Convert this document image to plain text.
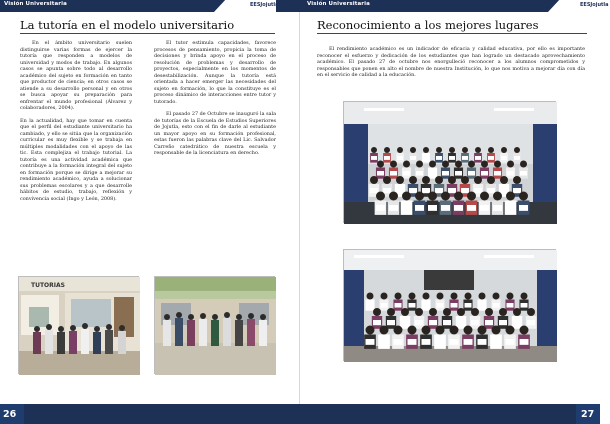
Visión Universitaria	EESJojutla
La tutoría en el modelo universitario

En el ámbito universitario suelen distinguirse varias formas de ejercer la tutoría que responden a modelos de universidad y modos de trabajo. En algunos casos se apunta sobre todo al desarrollo académico del sujeto en formación en tanto que productor de ciencia; en otros casos se atiende a su desarrollo personal y en otros se busca apoyar su preparación para enfrentar el mundo profesional (Álvarez y colaboradores, 2004).

En la actualidad, hay que tomar en cuenta que el perfil del estudiante universitario ha cambiado, y ello se sitúa que la organización curricular es muy flexible y se trabaja en múltiples modalidades con el apoyo de las tic. Esta complejiza el trabajo tutorial. La tutoría es una actividad académica que contribuye a la formación integral del sujeto en formación porque se dirige a mejorar su rendimiento académico, ayuda a solucionar sus problemas escolares y a que desarrolle hábitos de estudio, trabajo, reflexión y convivencia social (Ingo y León, 2008).

El tutor estimula capacidades, favorece procesos de pensamiento, propicia la toma de decisiones y brinda apoyo en el proceso de resolución de problemas y desarrollo de proyectos, especialmente en los momentos de desestabilización. Aunque la tutoría está orientada a hacer emerger las necesidades del sujeto en formación, lo que la constituye es el proceso dinámico de interacciones entre tutor y tutorado.

El pasado 27 de Octubre se inauguró la sala de tutorías de la Escuela de Estudios Superiores de Jojutla, esto con el fin de darle al estudiante un mayor apoyo en su formación profesional, estas fueron las palabras clave del Lic. Salvador Carreño catedrático de nuestra escuela y responsable de la licenciatura en derecho.

TUTORIAS
26
Visión Universitaria	EESJojutla
Reconocimiento a los mejores lugares

El rendimiento académico es un indicador de eficacia y calidad educativa, por ello es importante reconocer el esfuerzo y dedicación de los estudiantes que han logrado un destacado aprovechamiento académico. El pasado 27 de octubre nos enorgulleció reconocer a los alumnos comprometidos y responsables que ponen en alto el nombre de nuestra Institución, lo que nos motiva a mejorar día con día en el servicio de calidad a la educación.

27
